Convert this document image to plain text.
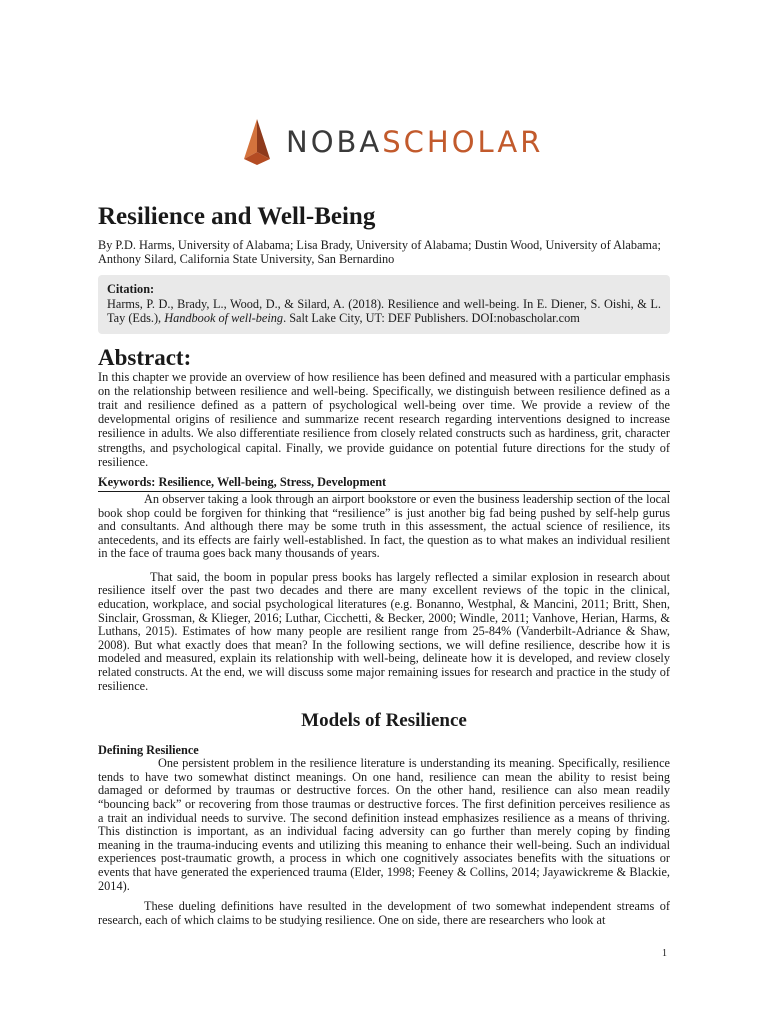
NOBASCHOLAR
Resilience and Well-Being

By P.D. Harms, University of Alabama; Lisa Brady, University of Alabama; Dustin Wood, University of Alabama; Anthony Silard, California State University, San Bernardino

Citation:
Harms, P. D., Brady, L., Wood, D., & Silard, A. (2018). Resilience and well-being. In E. Diener, S. Oishi, & L. Tay (Eds.), Handbook of well-being. Salt Lake City, UT: DEF Publishers. DOI:nobascholar.com
Abstract:

In this chapter we provide an overview of how resilience has been defined and measured with a particular emphasis on the relationship between resilience and well-being. Specifically, we distinguish between resilience defined as a trait and resilience defined as a pattern of psychological well-being over time. We provide a review of the developmental origins of resilience and summarize recent research regarding interventions designed to increase resilience in adults. We also differentiate resilience from closely related constructs such as hardiness, grit, character strengths, and psychological capital. Finally, we provide guidance on potential future directions for the study of resilience.

Keywords: Resilience, Well-being, Stress, Development

An observer taking a look through an airport bookstore or even the business leadership section of the local book shop could be forgiven for thinking that “resilience” is just another big fad being pushed by self-help gurus and consultants. And although there may be some truth in this assessment, the actual science of resilience, its antecedents, and its effects are fairly well-established. In fact, the question as to what makes an individual resilient in the face of trauma goes back many thousands of years.

That said, the boom in popular press books has largely reflected a similar explosion in research about resilience itself over the past two decades and there are many excellent reviews of the topic in the clinical, education, workplace, and social psychological literatures (e.g. Bonanno, Westphal, & Mancini, 2011; Britt, Shen, Sinclair, Grossman, & Klieger, 2016; Luthar, Cicchetti, & Becker, 2000; Windle, 2011; Vanhove, Herian, Harms, & Luthans, 2015). Estimates of how many people are resilient range from 25-84% (Vanderbilt-Adriance & Shaw, 2008). But what exactly does that mean? In the following sections, we will define resilience, describe how it is modeled and measured, explain its relationship with well-being, delineate how it is developed, and review closely related constructs. At the end, we will discuss some major remaining issues for research and practice in the study of resilience.

Models of Resilience
Defining Resilience

One persistent problem in the resilience literature is understanding its meaning. Specifically, resilience tends to have two somewhat distinct meanings. On one hand, resilience can mean the ability to resist being damaged or deformed by traumas or destructive forces. On the other hand, resilience can also mean readily “bouncing back” or recovering from those traumas or destructive forces. The first definition perceives resilience as a trait an individual needs to survive. The second definition instead emphasizes resilience as a means of thriving. This distinction is important, as an individual facing adversity can go further than merely coping by finding meaning in the trauma-inducing events and utilizing this meaning to enhance their well-being. Such an individual experiences post-traumatic growth, a process in which one cognitively associates benefits with the situations or events that have generated the experienced trauma (Elder, 1998; Feeney & Collins, 2014; Jayawickreme & Blackie, 2014).

These dueling definitions have resulted in the development of two somewhat independent streams of research, each of which claims to be studying resilience. One on side, there are researchers who look at

1
